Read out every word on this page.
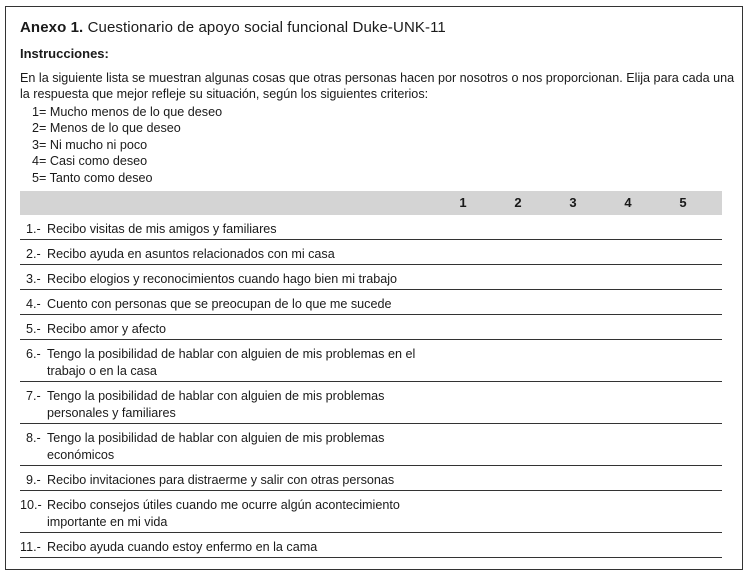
Anexo 1. Cuestionario de apoyo social funcional Duke-UNK-11
Instrucciones:
En la siguiente lista se muestran algunas cosas que otras personas hacen por nosotros o nos proporcionan. Elija para cada una la respuesta que mejor refleje su situación, según los siguientes criterios:
1= Mucho menos de lo que deseo
2= Menos de lo que deseo
3= Ni mucho ni poco
4= Casi como deseo
5= Tanto como deseo
1	2	3	4	5
1.- Recibo visitas de mis amigos y familiares
2.- Recibo ayuda en asuntos relacionados con mi casa
3.- Recibo elogios y reconocimientos cuando hago bien mi trabajo
4.- Cuento con personas que se preocupan de lo que me sucede
5.- Recibo amor y afecto
6.- Tengo la posibilidad de hablar con alguien de mis problemas en el trabajo o en la casa
7.- Tengo la posibilidad de hablar con alguien de mis problemas personales y familiares
8.- Tengo la posibilidad de hablar con alguien de mis problemas económicos
9.- Recibo invitaciones para distraerme y salir con otras personas
10.- Recibo consejos útiles cuando me ocurre algún acontecimiento importante en mi vida
11.- Recibo ayuda cuando estoy enfermo en la cama
